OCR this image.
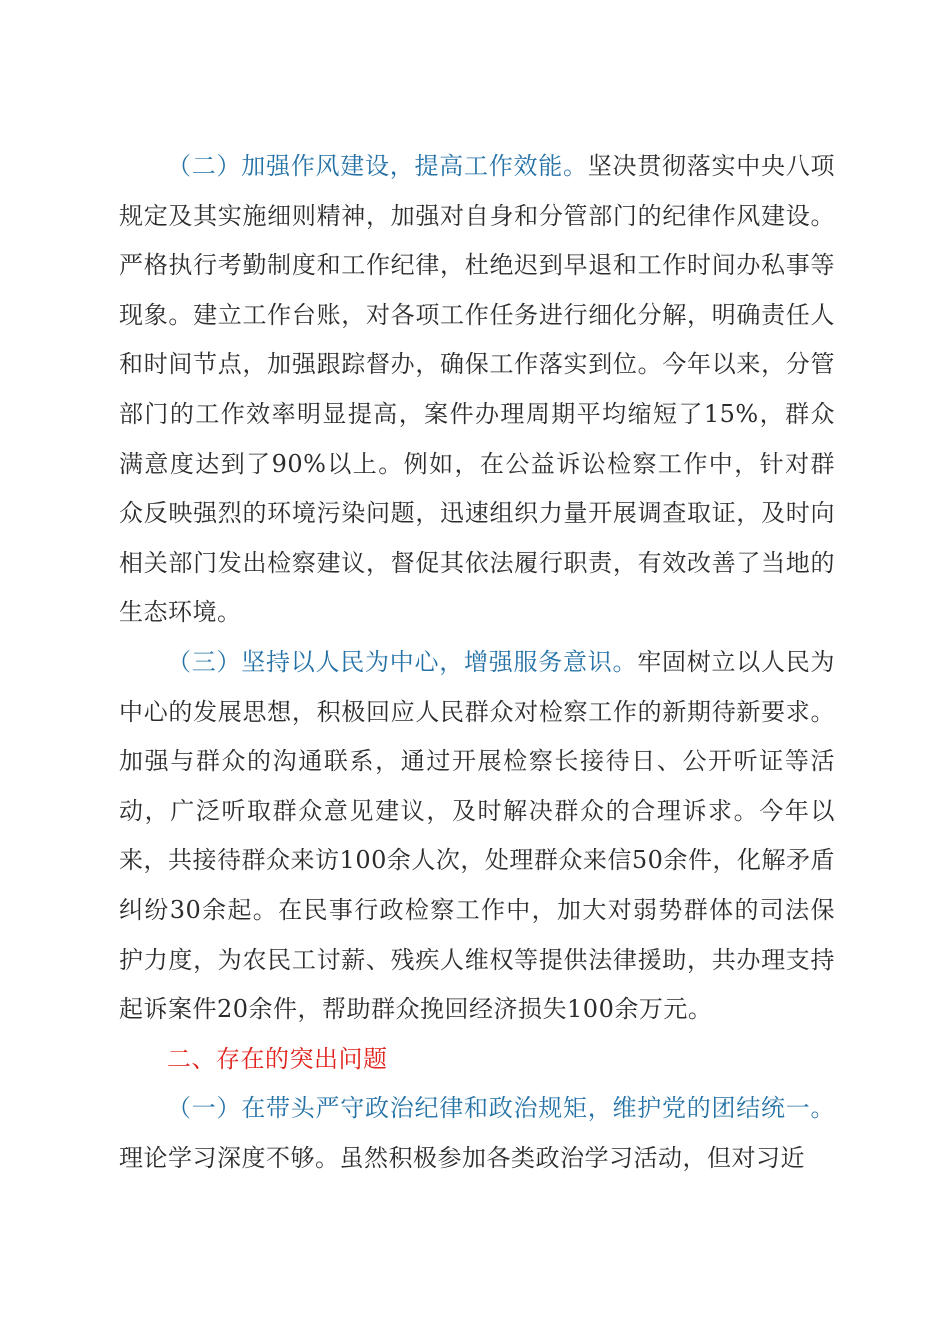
（二）加强作风建设，提高工作效能。坚决贯彻落实中央八项规定及其实施细则精神，加强对自身和分管部门的纪律作风建设。严格执行考勤制度和工作纪律，杜绝迟到早退和工作时间办私事等现象。建立工作台账，对各项工作任务进行细化分解，明确责任人和时间节点，加强跟踪督办，确保工作落实到位。今年以来，分管部门的工作效率明显提高，案件办理周期平均缩短了15%，群众满意度达到了90%以上。例如，在公益诉讼检察工作中，针对群众反映强烈的环境污染问题，迅速组织力量开展调查取证，及时向相关部门发出检察建议，督促其依法履行职责，有效改善了当地的生态环境。

（三）坚持以人民为中心，增强服务意识。牢固树立以人民为中心的发展思想，积极回应人民群众对检察工作的新期待新要求。加强与群众的沟通联系，通过开展检察长接待日、公开听证等活动，广泛听取群众意见建议，及时解决群众的合理诉求。今年以来，共接待群众来访100余人次，处理群众来信50余件，化解矛盾纠纷30余起。在民事行政检察工作中，加大对弱势群体的司法保护力度，为农民工讨薪、残疾人维权等提供法律援助，共办理支持起诉案件20余件，帮助群众挽回经济损失100余万元。

二、存在的突出问题

（一）在带头严守政治纪律和政治规矩，维护党的团结统一。理论学习深度不够。虽然积极参加各类政治学习活动，但对习近
